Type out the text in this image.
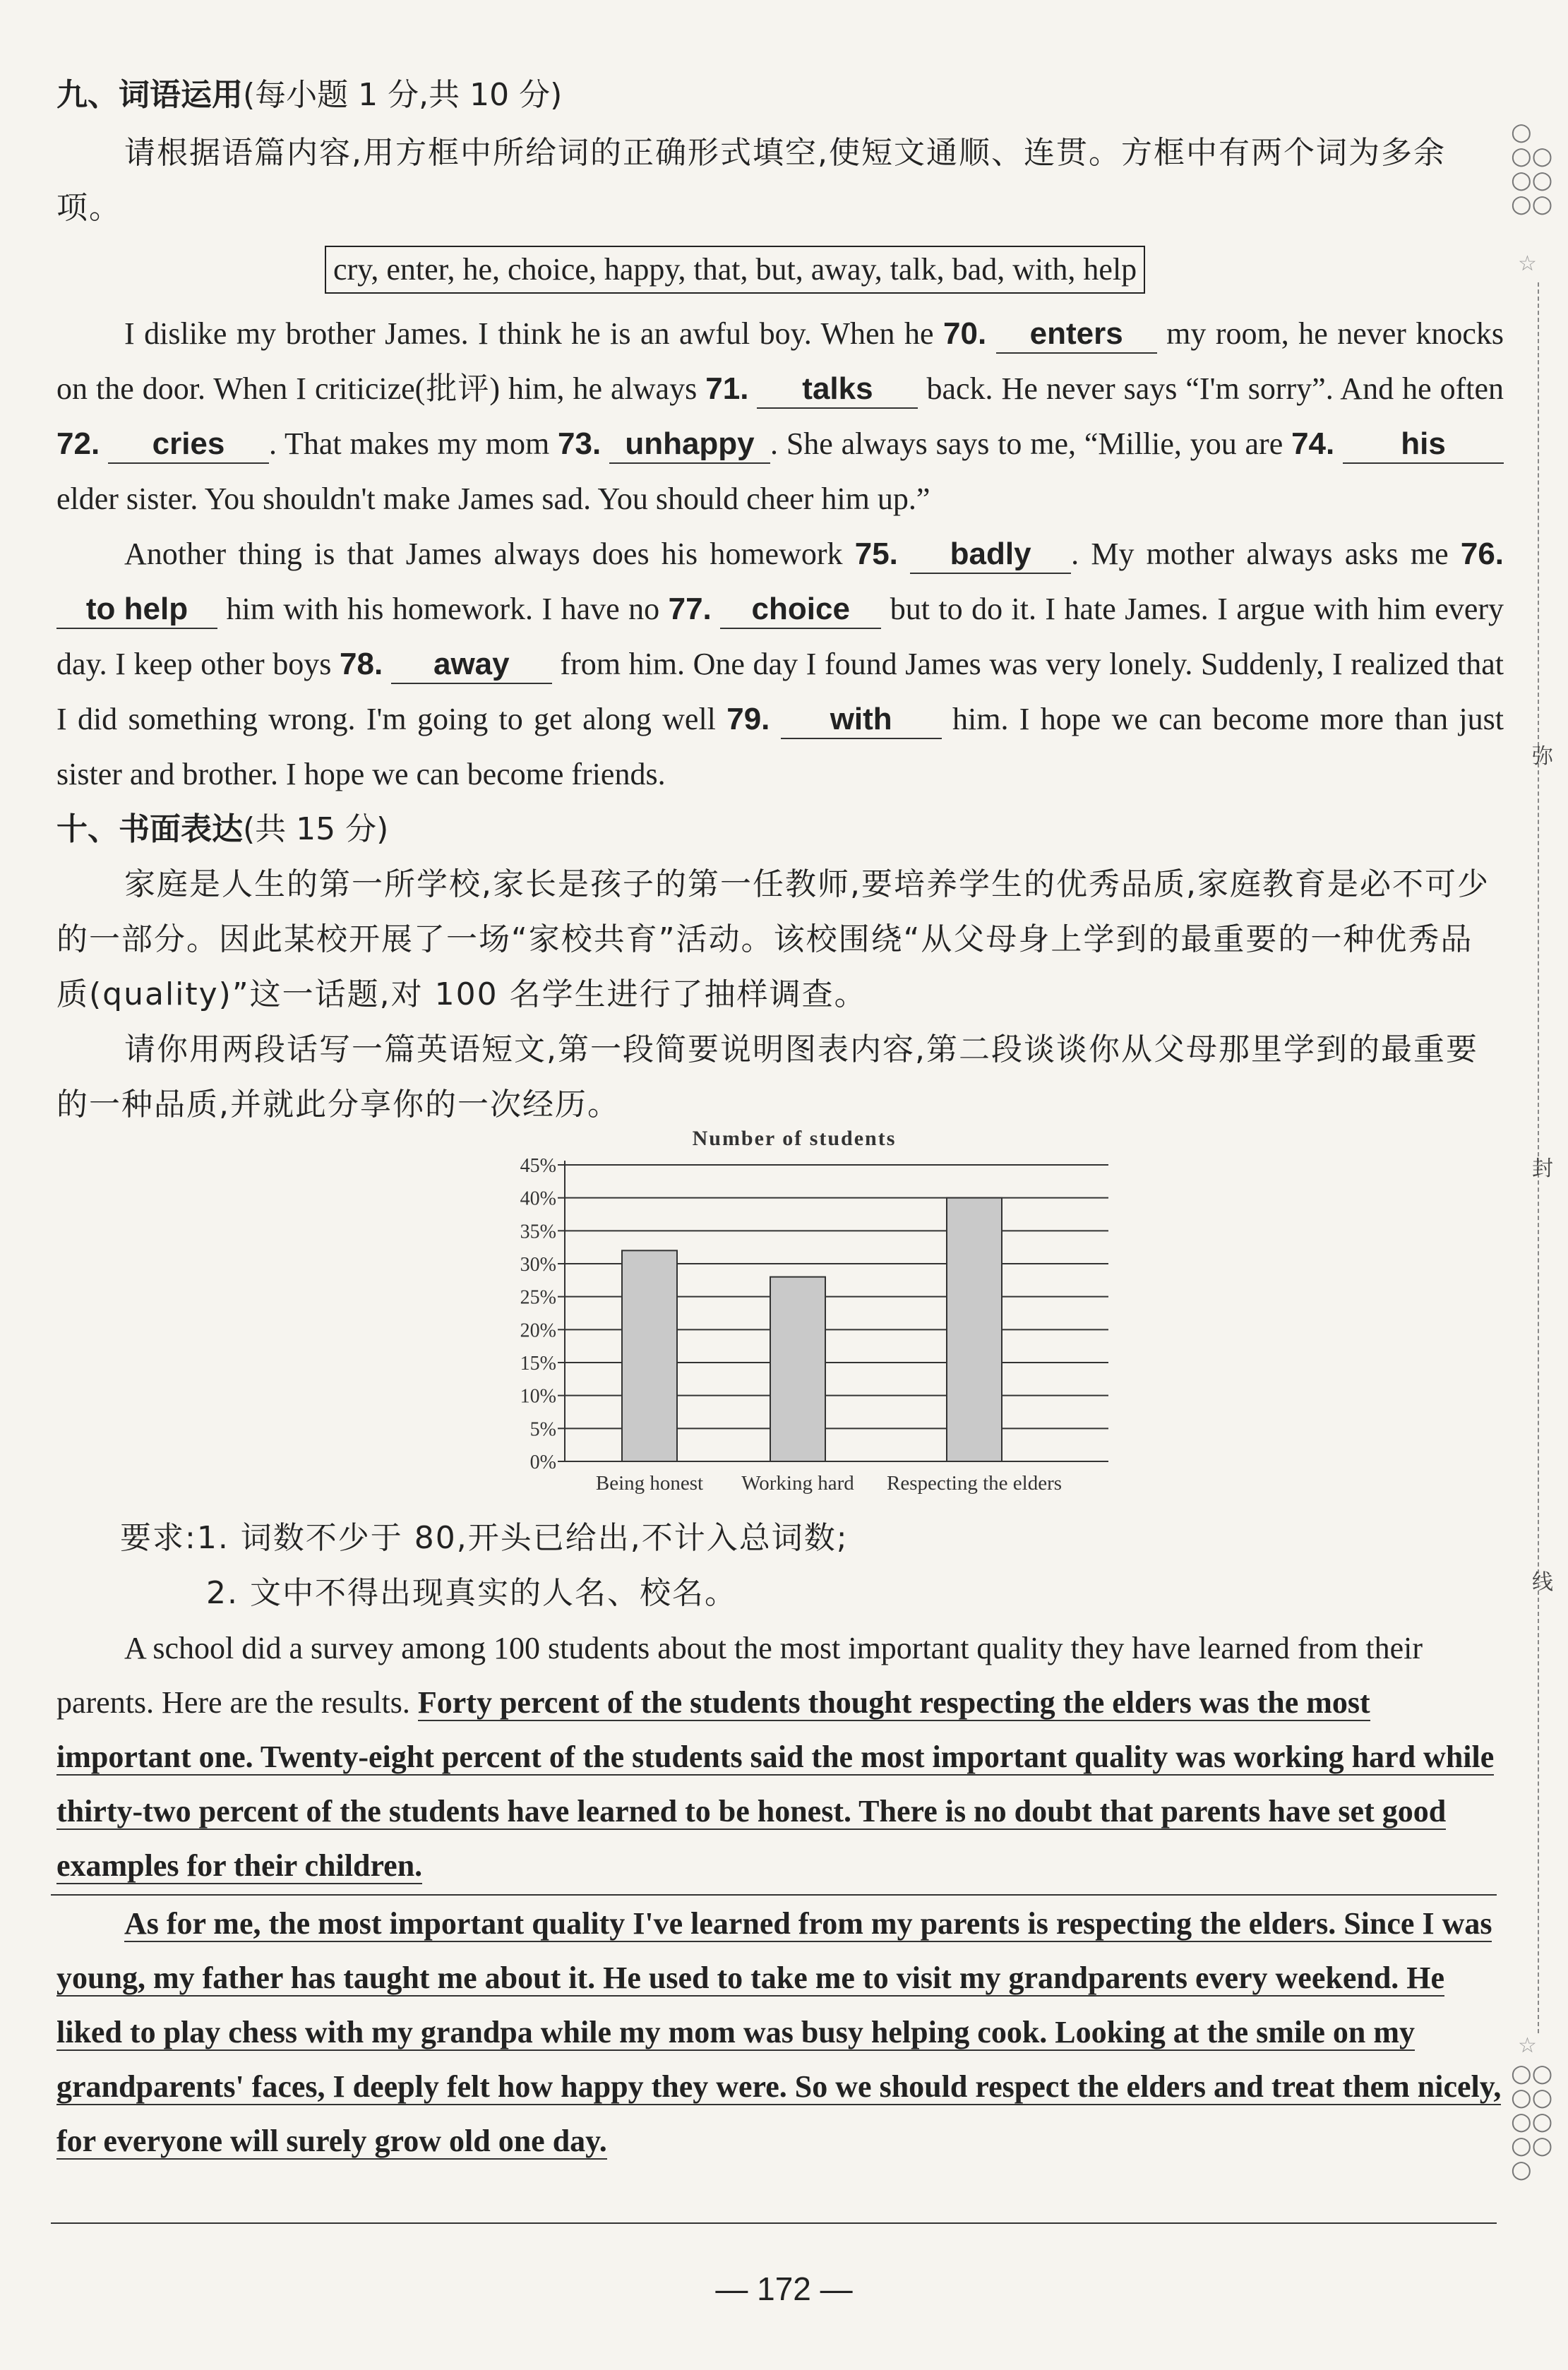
九、词语运用(每小题 1 分,共 10 分)
请根据语篇内容,用方框中所给词的正确形式填空,使短文通顺、连贯。方框中有两个词为多余项。
cry, enter, he, choice, happy, that, but, away, talk, bad, with, help
I dislike my brother James. I think he is an awful boy. When he 70. enters my room, he never knocks on the door. When I criticize(批评) him, he always 71. talks back. He never says “I'm sorry”. And he often 72. cries . That makes my mom 73. unhappy . She always says to me, “Millie, you are 74. his elder sister. You shouldn't make James sad. You should cheer him up.”
Another thing is that James always does his homework 75. badly . My mother always asks me 76. to help him with his homework. I have no 77. choice but to do it. I hate James. I argue with him every day. I keep other boys 78. away from him. One day I found James was very lonely. Suddenly, I realized that I did something wrong. I'm going to get along well 79. with him. I hope we can become more than just sister and brother. I hope we can become friends.
十、书面表达(共 15 分)
家庭是人生的第一所学校,家长是孩子的第一任教师,要培养学生的优秀品质,家庭教育是必不可少的一部分。因此某校开展了一场“家校共育”活动。该校围绕“从父母身上学到的最重要的一种优秀品质(quality)”这一话题,对 100 名学生进行了抽样调查。
请你用两段话写一篇英语短文,第一段简要说明图表内容,第二段谈谈你从父母那里学到的最重要的一种品质,并就此分享你的一次经历。
Number of students
0%
5%
10%
15%
20%
25%
30%
35%
40%
45%
Being honest Working hard Respecting the elders
要求:1. 词数不少于 80,开头已给出,不计入总词数;
2. 文中不得出现真实的人名、校名。
A school did a survey among 100 students about the most important quality they have learned from their parents. Here are the results. Forty percent of the students thought respecting the elders was the most important one. Twenty-eight percent of the students said the most important quality was working hard while thirty-two percent of the students have learned to be honest. There is no doubt that parents have set good examples for their children.
As for me, the most important quality I've learned from my parents is respecting the elders. Since I was young, my father has taught me about it. He used to take me to visit my grandparents every weekend. He liked to play chess with my grandpa while my mom was busy helping cook. Looking at the smile on my grandparents' faces, I deeply felt how happy they were. So we should respect the elders and treat them nicely, for everyone will surely grow old one day.
○
○○
○○
○○
☆
弥
封
线
☆
○○
○○
○○
○○
○
— 172 —
